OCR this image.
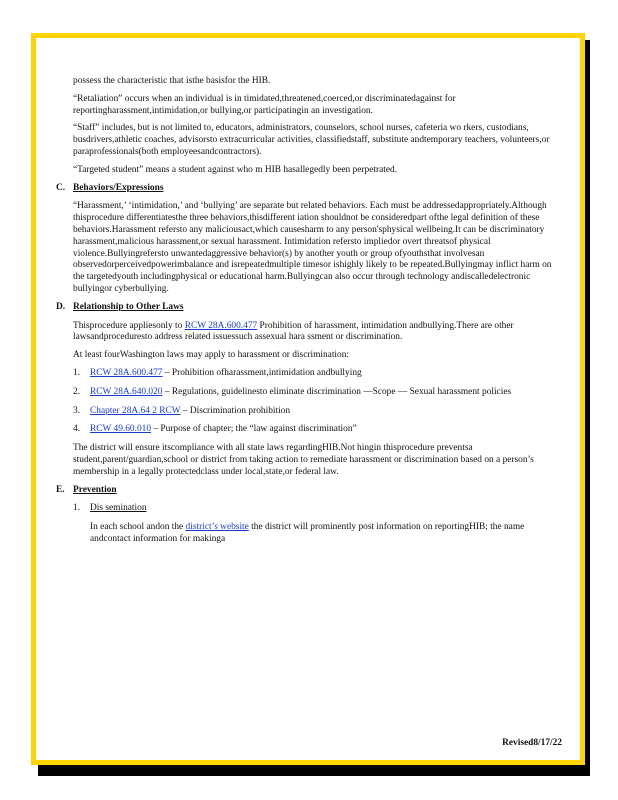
possess the characteristic that isthe basisfor the HIB.

“Retaliation” occurs when an individual is in timidated,threatened,coerced,or discriminatedagainst for reportingharassment,intimidation,or bullying,or participatingin an investigation.

“Staff” includes, but is not limited to, educators, administrators, counselors, school nurses, cafeteria wo rkers, custodians, busdrivers,athletic coaches, advisorsto extracurricular activities, classifiedstaff, substitute andtemporary teachers, volunteers,or paraprofessionals(both employeesandcontractors).

“Targeted student” means a student against who m HIB hasallegedly been perpetrated.

C. Behaviors/Expressions

“Harassment,’ ‘intimidation,’ and ‘bullying’ are separate but related behaviors. Each must be addressedappropriately.Although thisprocedure differentiatesthe three behaviors,thisdifferent iation shouldnot be consideredpart ofthe legal definition of these behaviors.Harassment refersto any maliciousact,which causesharm to any person'sphysical wellbeing.It can be discriminatory harassment,malicious harassment,or sexual harassment. Intimidation refersto impliedor overt threatsof physical violence.Bullyingrefersto unwantedaggressive behavior(s) by another youth or group ofyouthsthat involvesan observedorperceivedpowerimbalance and isrepeatedmultiple timesor ishighly likely to be repeated.Bullyingmay inflict harm on the targetedyouth includingphysical or educational harm.Bullyingcan also occur through technology andiscalledelectronic bullyingor cyberbullying.

D. Relationship to Other Laws

Thisprocedure appliesonly to RCW 28A.600.477 Prohibition of harassment, intimidation andbullying.There are other lawsandproceduresto address related issuessuch assexual hara ssment or discrimination.

At least fourWashington laws may apply to harassment or discrimination:

1.	RCW 28A.600.477 – Prohibition ofharassment,intimidation andbullying
2.	RCW 28A.640.020 – Regulations, guidelinesto eliminate discrimination —Scope — Sexual harassment policies
3.	Chapter 28A.64 2 RCW – Discrimination prohibition
4.	RCW 49.60.010 – Purpose of chapter; the “law against discrimination”

The district will ensure itscompliance with all state laws regardingHIB.Not hingin thisprocedure preventsa student,parent/guardian,school or district from taking action to remediate harassment or discrimination based on a person’s membership in a legally protectedclass under local,state,or federal law.

E. Prevention
1.	Dis semination

In each school andon the district’s website the district will prominently post information on reportingHIB; the name andcontact information for makinga

Revised8/17/22
